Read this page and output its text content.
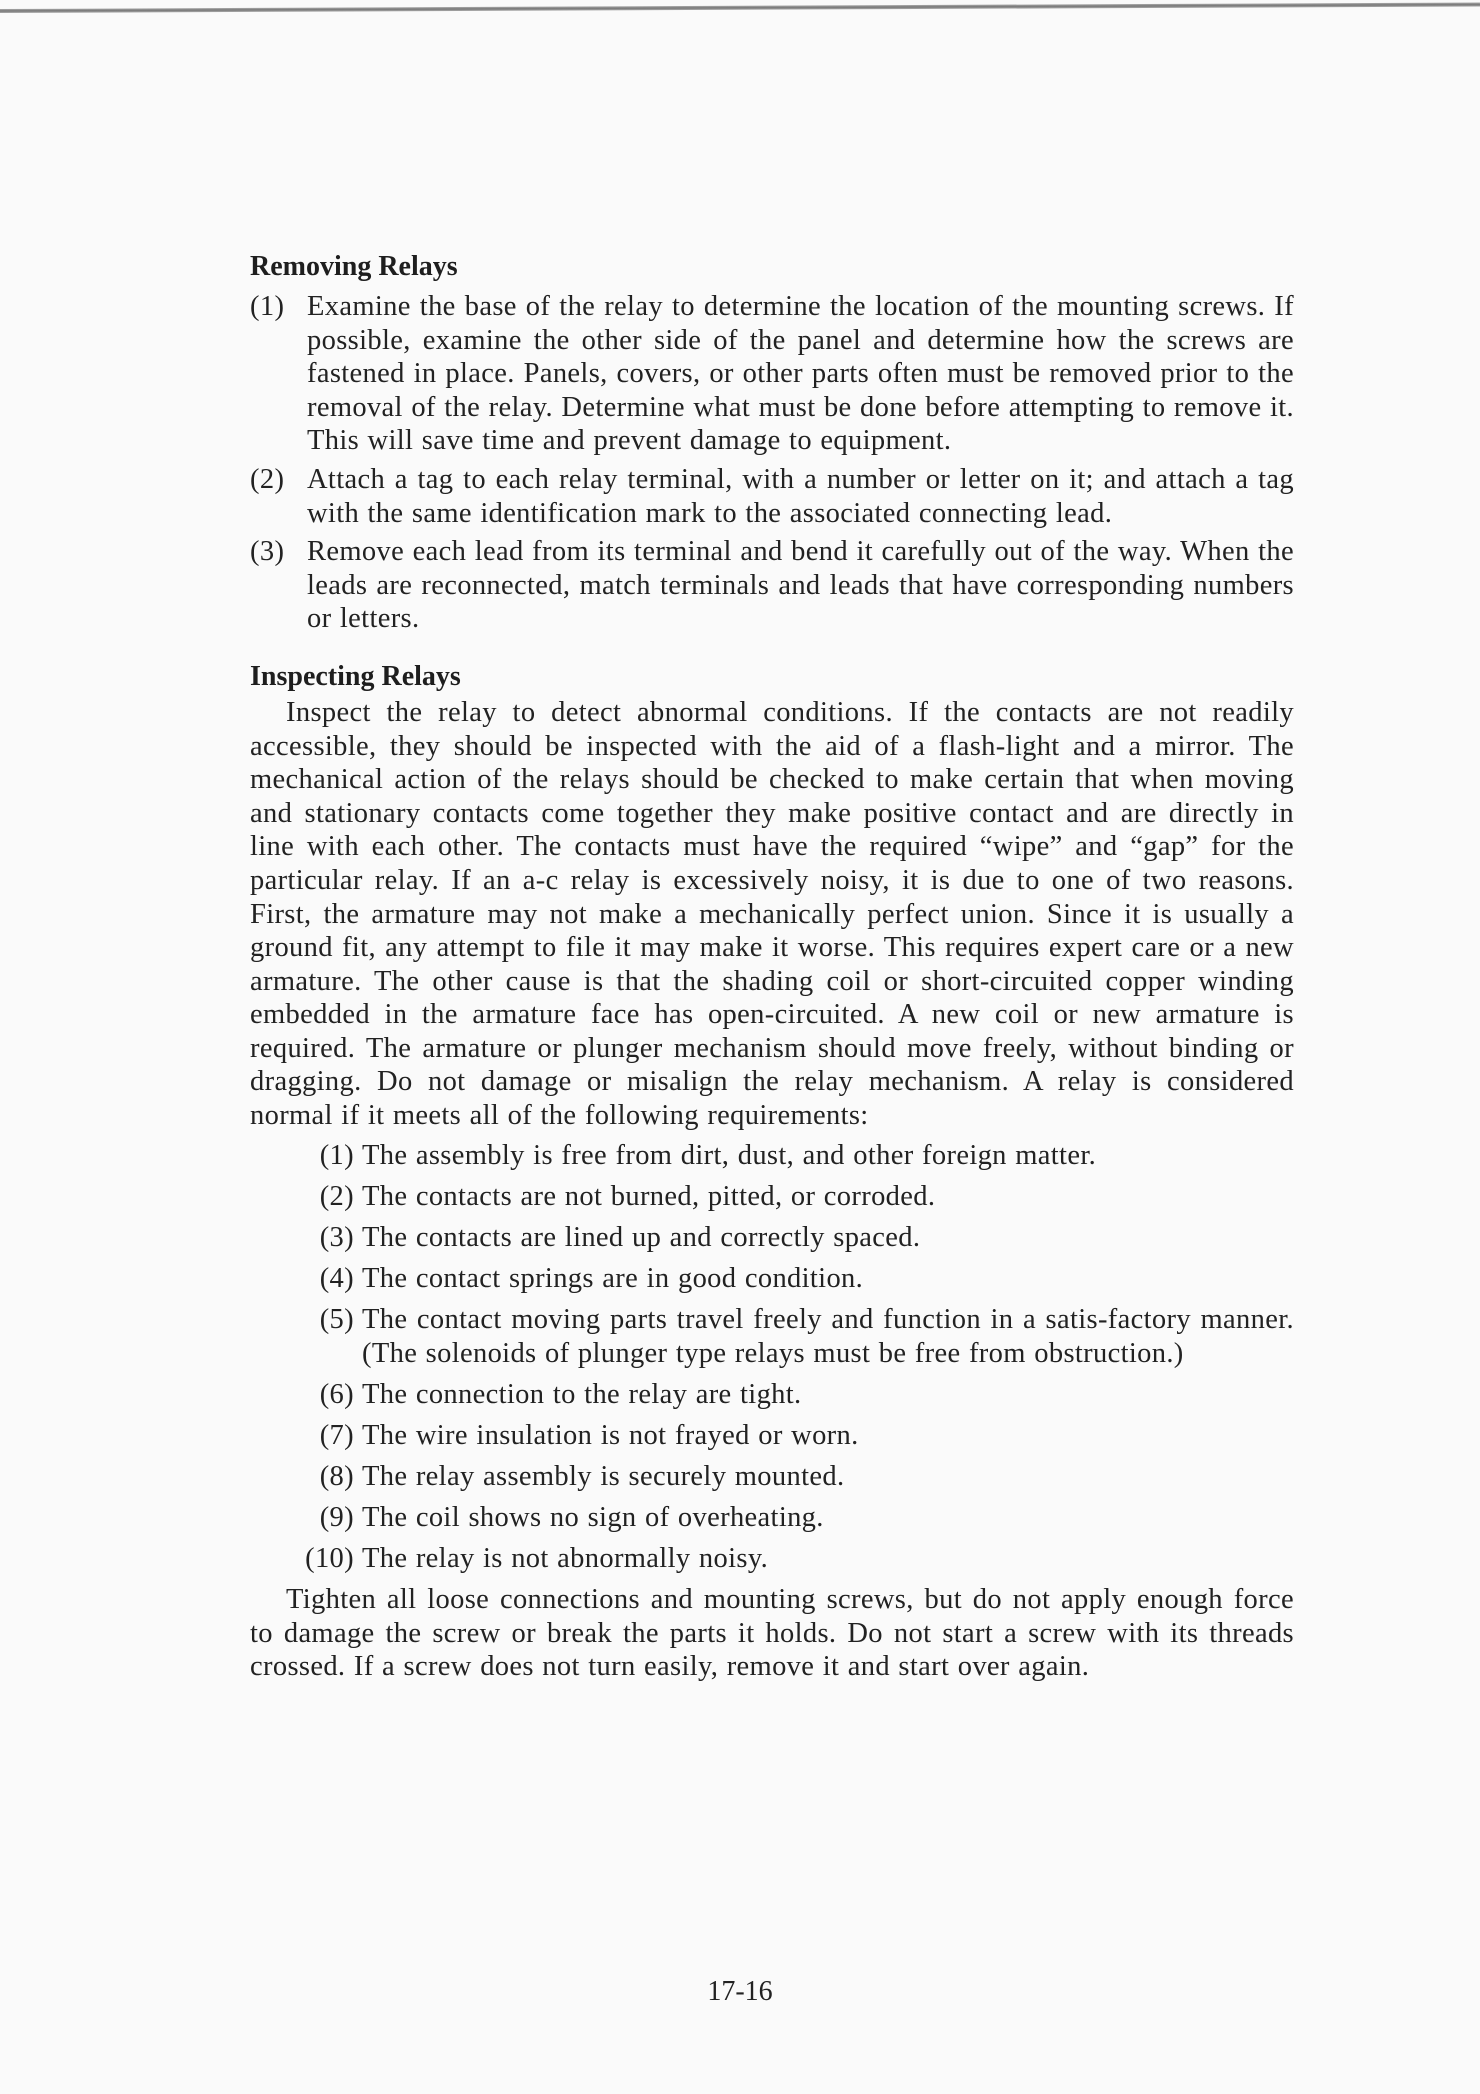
Removing Relays
(1) Examine the base of the relay to determine the location of the mounting screws. If possible, examine the other side of the panel and determine how the screws are fastened in place. Panels, covers, or other parts often must be removed prior to the removal of the relay. Determine what must be done before attempting to remove it. This will save time and prevent damage to equipment.
(2) Attach a tag to each relay terminal, with a number or letter on it; and attach a tag with the same identification mark to the associated connecting lead.
(3) Remove each lead from its terminal and bend it carefully out of the way. When the leads are reconnected, match terminals and leads that have corresponding numbers or letters.
Inspecting Relays

Inspect the relay to detect abnormal conditions. If the contacts are not readily accessible, they should be inspected with the aid of a flash-light and a mirror. The mechanical action of the relays should be checked to make certain that when moving and stationary contacts come together they make positive contact and are directly in line with each other. The contacts must have the required “wipe” and “gap” for the particular relay. If an a-c relay is excessively noisy, it is due to one of two reasons. First, the armature may not make a mechanically perfect union. Since it is usually a ground fit, any attempt to file it may make it worse. This requires expert care or a new armature. The other cause is that the shading coil or short-circuited copper winding embedded in the armature face has open-circuited. A new coil or new armature is required. The armature or plunger mechanism should move freely, without binding or dragging. Do not damage or misalign the relay mechanism. A relay is considered normal if it meets all of the following requirements:

(1) The assembly is free from dirt, dust, and other foreign matter.
(2) The contacts are not burned, pitted, or corroded.
(3) The contacts are lined up and correctly spaced.
(4) The contact springs are in good condition.
(5) The contact moving parts travel freely and function in a satis-factory manner. (The solenoids of plunger type relays must be free from obstruction.)
(6) The connection to the relay are tight.
(7) The wire insulation is not frayed or worn.
(8) The relay assembly is securely mounted.
(9) The coil shows no sign of overheating.
(10) The relay is not abnormally noisy.

Tighten all loose connections and mounting screws, but do not apply enough force to damage the screw or break the parts it holds. Do not start a screw with its threads crossed. If a screw does not turn easily, remove it and start over again.

17-16
